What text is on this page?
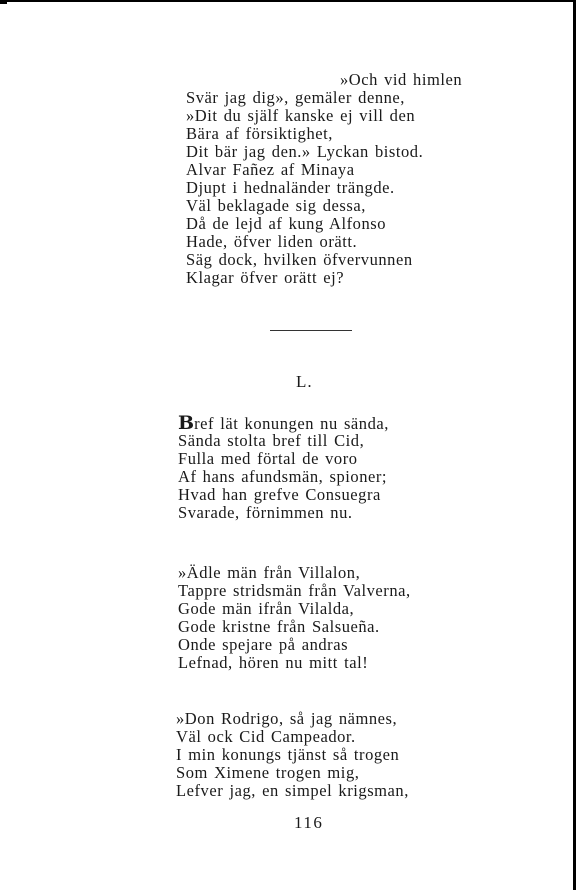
»Och vid himlen
Svär jag dig», gemäler denne,
»Dit du själf kanske ej vill den
Bära af försiktighet,
Dit bär jag den.» Lyckan bistod.
Alvar Fañez af Minaya
Djupt i hednaländer trängde.
Väl beklagade sig dessa,
Då de lejd af kung Alfonso
Hade, öfver liden orätt.
Säg dock, hvilken öfvervunnen
Klagar öfver orätt ej?
L.
Bref lät konungen nu sända,
Sända stolta bref till Cid,
Fulla med förtal de voro
Af hans afundsmän, spioner;
Hvad han grefve Consuegra
Svarade, förnimmen nu.
»Ädle män från Villalon,
Tappre stridsmän från Valverna,
Gode män ifrån Vilalda,
Gode kristne från Salsueña.
Onde spejare på andras
Lefnad, hören nu mitt tal!
»Don Rodrigo, så jag nämnes,
Väl ock Cid Campeador.
I min konungs tjänst så trogen
Som Ximene trogen mig,
Lefver jag, en simpel krigsman,
116
